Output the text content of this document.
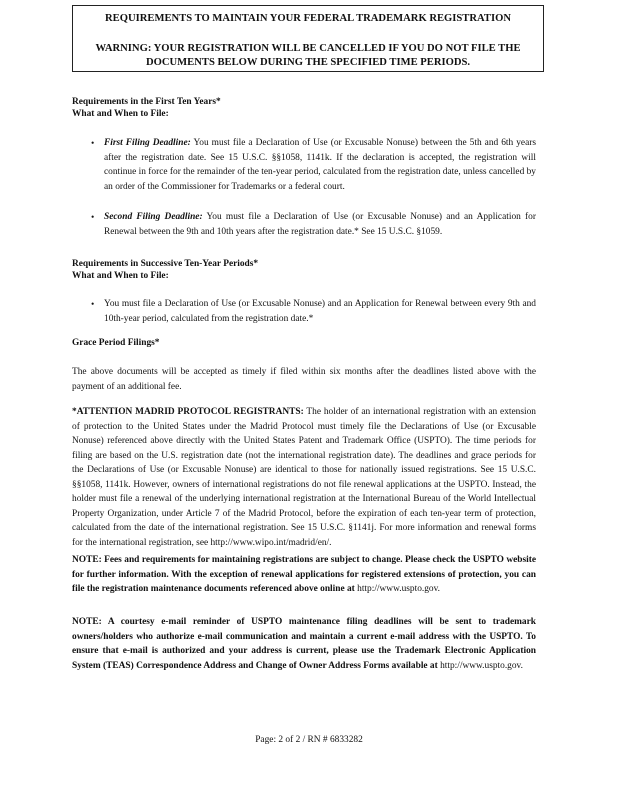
REQUIREMENTS TO MAINTAIN YOUR FEDERAL TRADEMARK REGISTRATION
WARNING: YOUR REGISTRATION WILL BE CANCELLED IF YOU DO NOT FILE THE DOCUMENTS BELOW DURING THE SPECIFIED TIME PERIODS.
Requirements in the First Ten Years*
What and When to File:
• First Filing Deadline: You must file a Declaration of Use (or Excusable Nonuse) between the 5th and 6th years after the registration date. See 15 U.S.C. §§1058, 1141k. If the declaration is accepted, the registration will continue in force for the remainder of the ten-year period, calculated from the registration date, unless cancelled by an order of the Commissioner for Trademarks or a federal court.
• Second Filing Deadline: You must file a Declaration of Use (or Excusable Nonuse) and an Application for Renewal between the 9th and 10th years after the registration date.* See 15 U.S.C. §1059.
Requirements in Successive Ten-Year Periods*
What and When to File:
• You must file a Declaration of Use (or Excusable Nonuse) and an Application for Renewal between every 9th and 10th-year period, calculated from the registration date.*
Grace Period Filings*
The above documents will be accepted as timely if filed within six months after the deadlines listed above with the payment of an additional fee.
*ATTENTION MADRID PROTOCOL REGISTRANTS: The holder of an international registration with an extension of protection to the United States under the Madrid Protocol must timely file the Declarations of Use (or Excusable Nonuse) referenced above directly with the United States Patent and Trademark Office (USPTO). The time periods for filing are based on the U.S. registration date (not the international registration date). The deadlines and grace periods for the Declarations of Use (or Excusable Nonuse) are identical to those for nationally issued registrations. See 15 U.S.C. §§1058, 1141k. However, owners of international registrations do not file renewal applications at the USPTO. Instead, the holder must file a renewal of the underlying international registration at the International Bureau of the World Intellectual Property Organization, under Article 7 of the Madrid Protocol, before the expiration of each ten-year term of protection, calculated from the date of the international registration. See 15 U.S.C. §1141j. For more information and renewal forms for the international registration, see http://www.wipo.int/madrid/en/.
NOTE: Fees and requirements for maintaining registrations are subject to change. Please check the USPTO website for further information. With the exception of renewal applications for registered extensions of protection, you can file the registration maintenance documents referenced above online at http://www.uspto.gov.
NOTE: A courtesy e-mail reminder of USPTO maintenance filing deadlines will be sent to trademark owners/holders who authorize e-mail communication and maintain a current e-mail address with the USPTO. To ensure that e-mail is authorized and your address is current, please use the Trademark Electronic Application System (TEAS) Correspondence Address and Change of Owner Address Forms available at http://www.uspto.gov.
Page: 2 of 2 / RN # 6833282
